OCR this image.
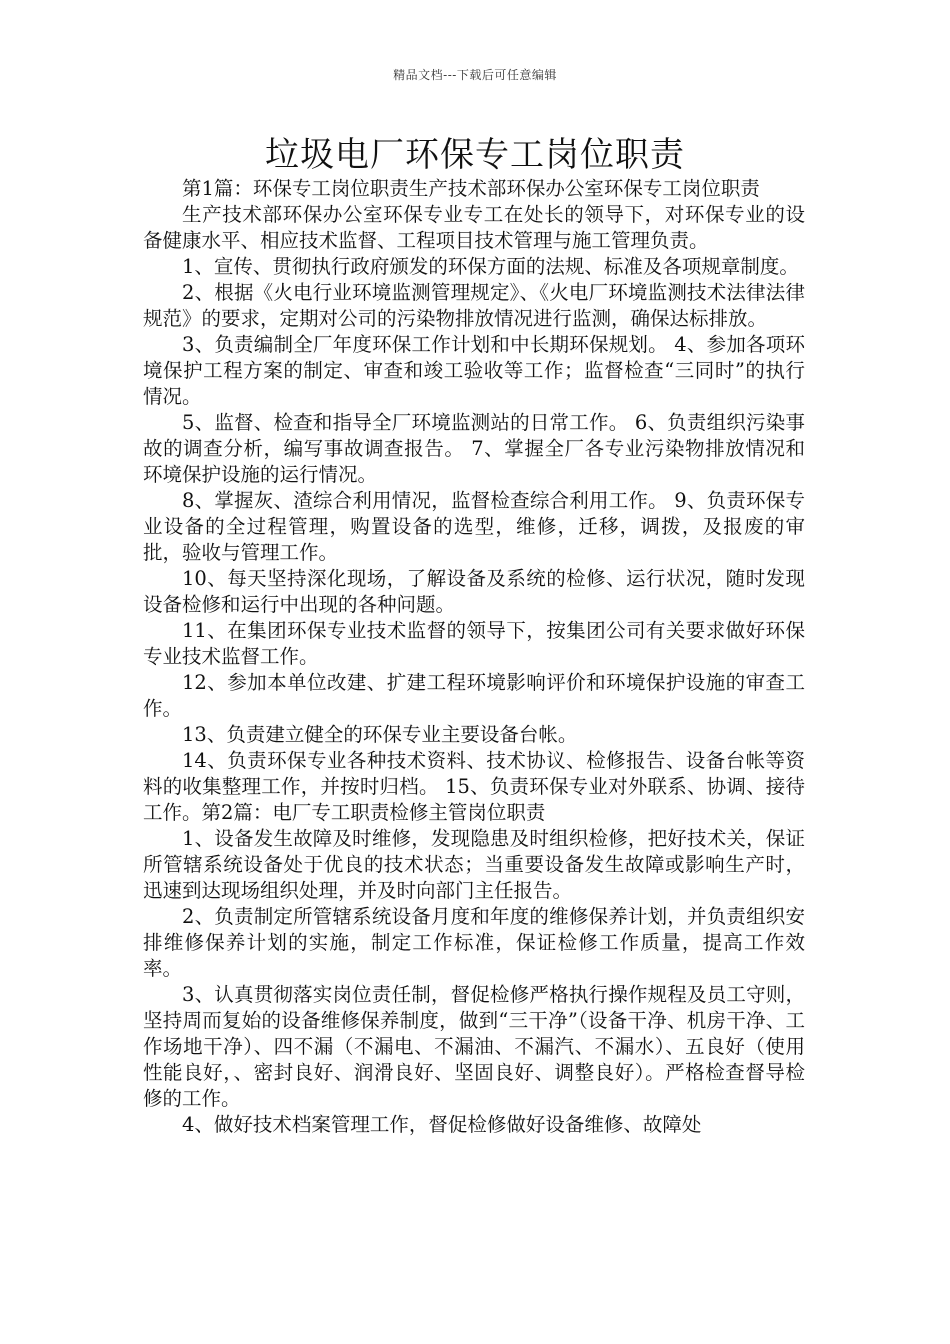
精品文档---下载后可任意编辑
垃圾电厂环保专工岗位职责

第1篇：环保专工岗位职责生产技术部环保办公室环保专工岗位职责

生产技术部环保办公室环保专业专工在处长的领导下，对环保专业的设备健康水平、相应技术监督、工程项目技术管理与施工管理负责。

1、宣传、贯彻执行政府颁发的环保方面的法规、标准及各项规章制度。

2、根据《火电行业环境监测管理规定》、《火电厂环境监测技术法律法律规范》的要求，定期对公司的污染物排放情况进行监测，确保达标排放。

3、负责编制全厂年度环保工作计划和中长期环保规划。 4、参加各项环境保护工程方案的制定、审查和竣工验收等工作；监督检查“三同时”的执行情况。

5、监督、检查和指导全厂环境监测站的日常工作。 6、负责组织污染事故的调查分析，编写事故调查报告。 7、掌握全厂各专业污染物排放情况和环境保护设施的运行情况。

8、掌握灰、渣综合利用情况，监督检查综合利用工作。 9、负责环保专业设备的全过程管理，购置设备的选型，维修，迁移，调拨，及报废的审批，验收与管理工作。

10、每天坚持深化现场，了解设备及系统的检修、运行状况，随时发现设备检修和运行中出现的各种问题。

11、在集团环保专业技术监督的领导下，按集团公司有关要求做好环保专业技术监督工作。

12、参加本单位改建、扩建工程环境影响评价和环境保护设施的审查工作。

13、负责建立健全的环保专业主要设备台帐。

14、负责环保专业各种技术资料、技术协议、检修报告、设备台帐等资料的收集整理工作，并按时归档。 15、负责环保专业对外联系、协调、接待工作。第2篇：电厂专工职责检修主管岗位职责

1、设备发生故障及时维修，发现隐患及时组织检修，把好技术关，保证所管辖系统设备处于优良的技术状态；当重要设备发生故障或影响生产时，迅速到达现场组织处理，并及时向部门主任报告。

2、负责制定所管辖系统设备月度和年度的维修保养计划，并负责组织安排维修保养计划的实施，制定工作标准，保证检修工作质量，提高工作效率。

3、认真贯彻落实岗位责任制，督促检修严格执行操作规程及员工守则，坚持周而复始的设备维修保养制度，做到“三干净”（设备干净、机房干净、工作场地干净）、四不漏（不漏电、不漏油、不漏汽、不漏水）、五良好（使用性能良好，、密封良好、润滑良好、坚固良好、调整良好）。严格检查督导检修的工作。

4、做好技术档案管理工作，督促检修做好设备维修、故障处
